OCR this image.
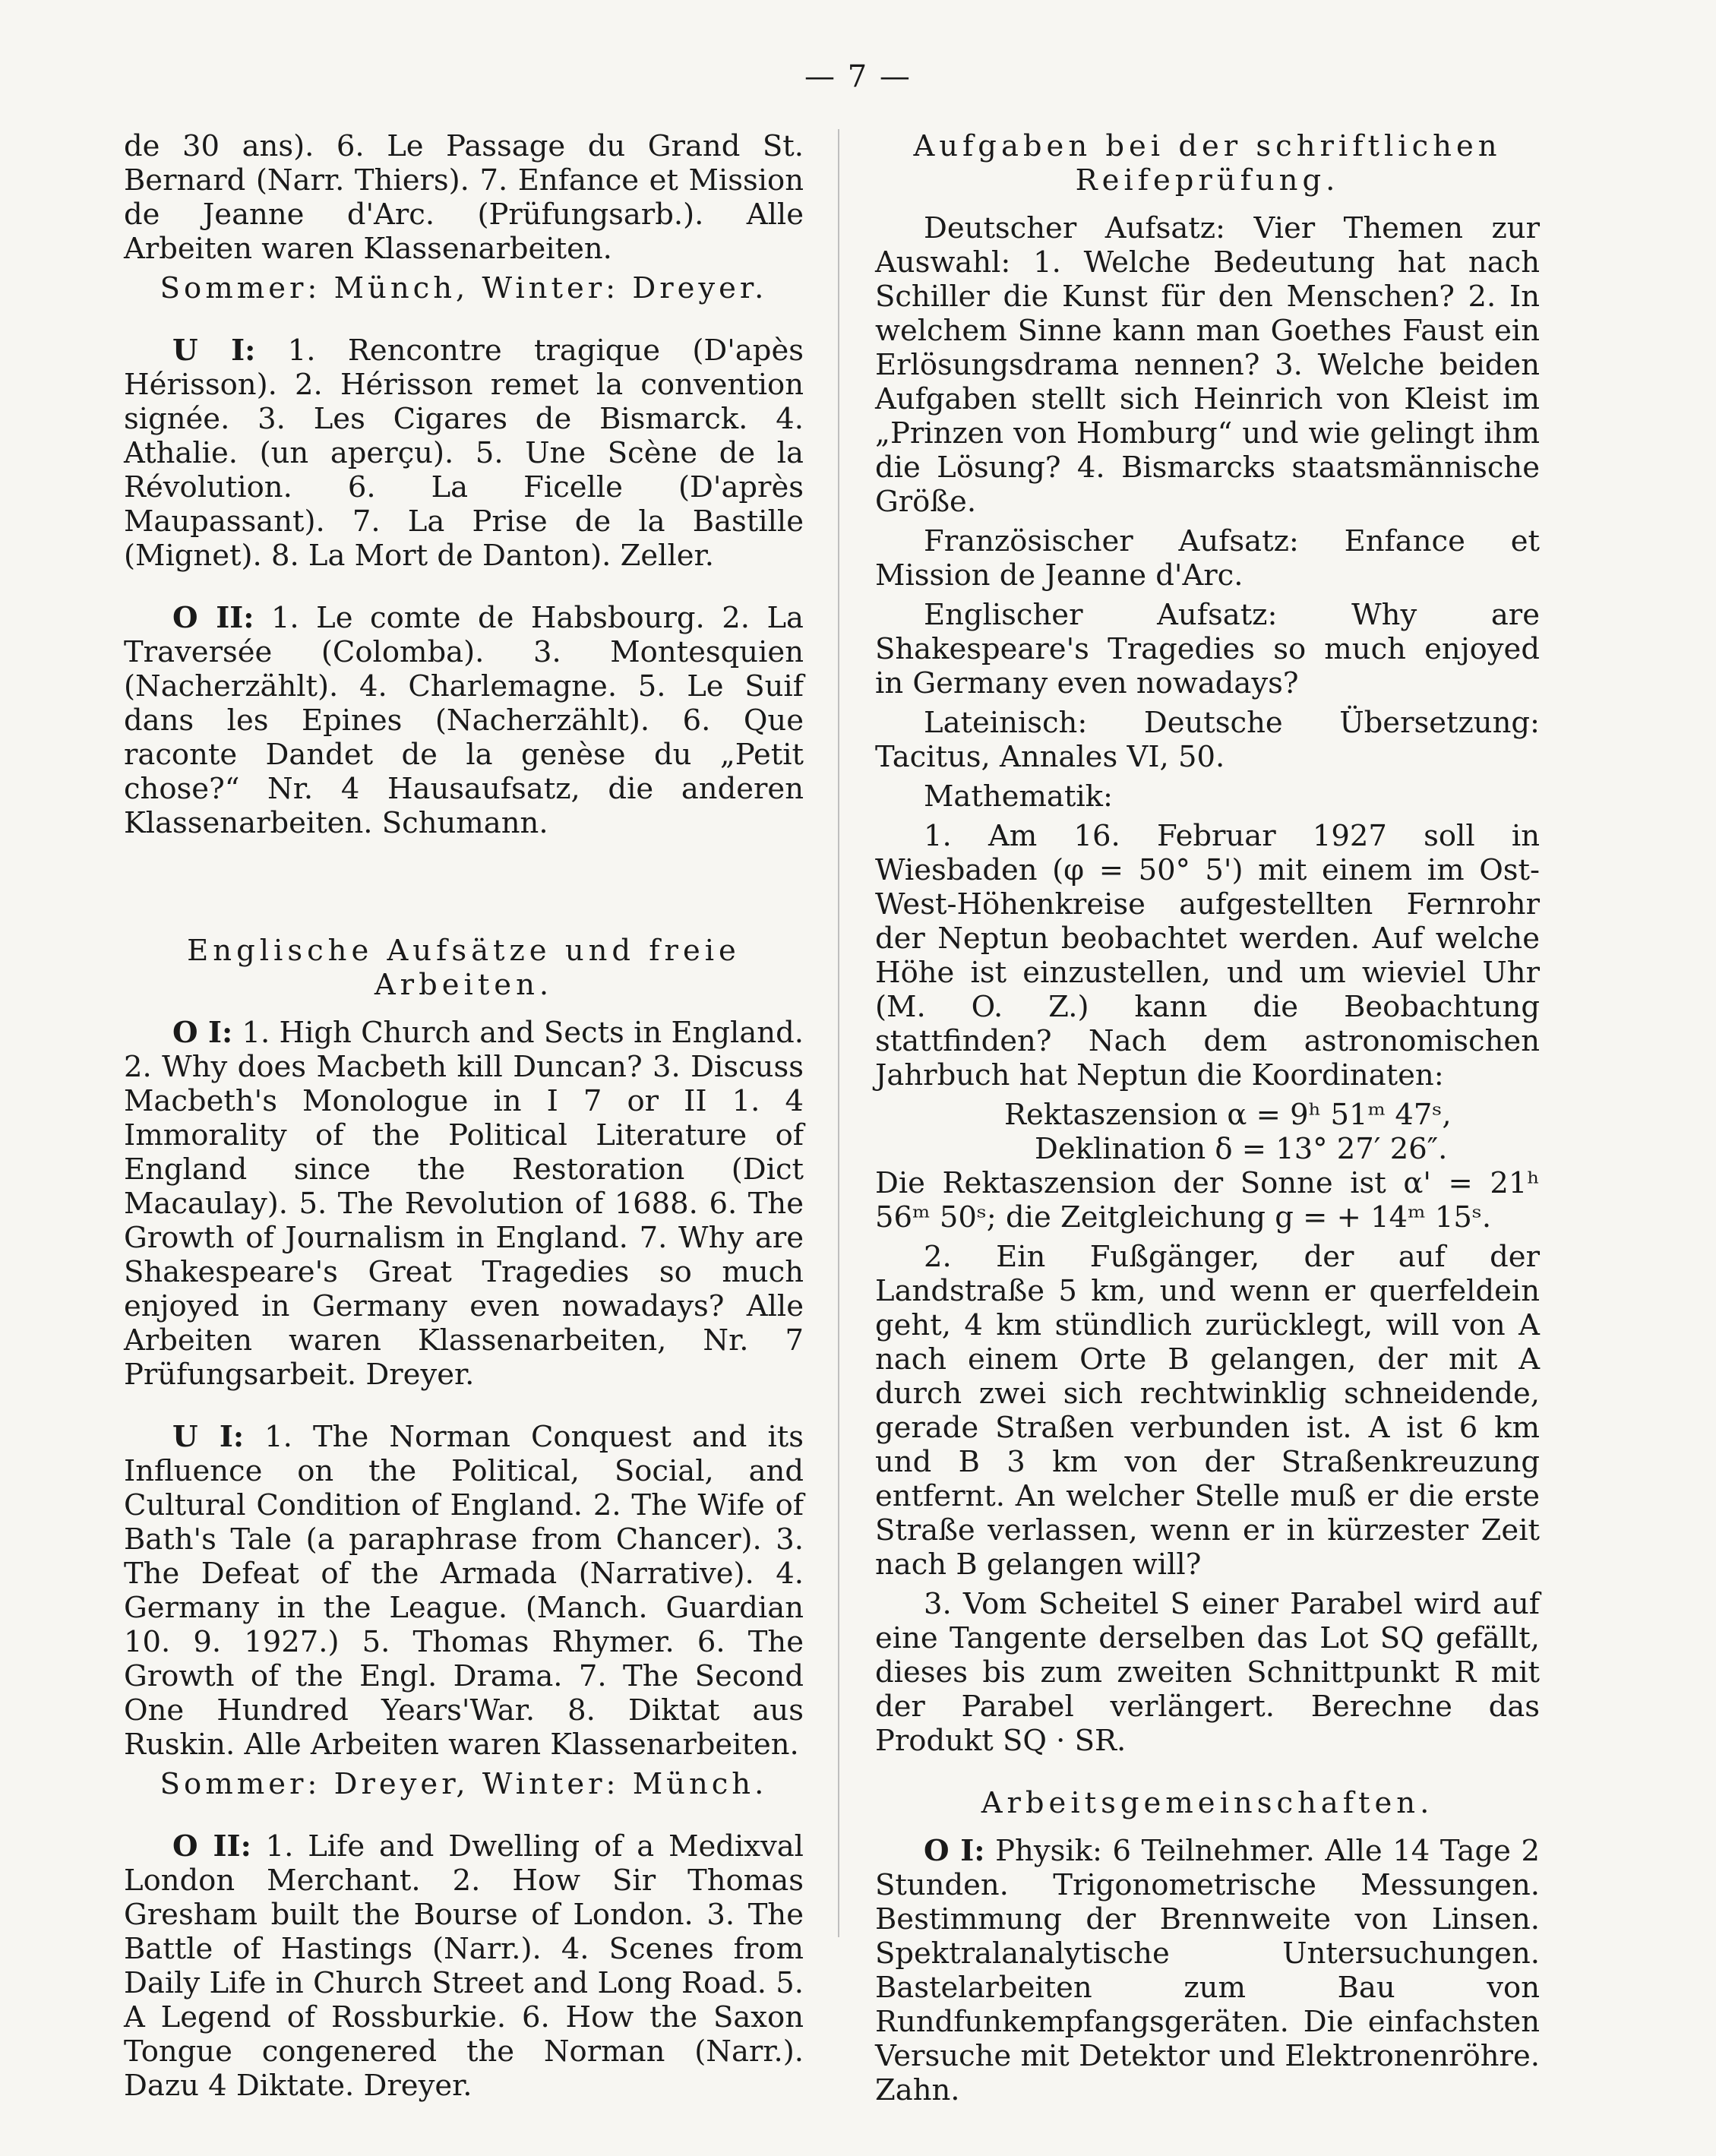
— 7 —

de 30 ans). 6. Le Passage du Grand St. Bernard (Narr. Thiers). 7. Enfance et Mission de Jeanne d'Arc. (Prüfungsarb.). Alle Arbeiten waren Klassenarbeiten.

Sommer: Münch, Winter: Dreyer.

U I: 1. Rencontre tragique (D'apès Hérisson). 2. Hérisson remet la convention signée. 3. Les Cigares de Bismarck. 4. Athalie. (un aperçu). 5. Une Scène de la Révolution. 6. La Ficelle (D'après Maupassant). 7. La Prise de la Bastille (Mignet). 8. La Mort de Danton). Zeller.

O II: 1. Le comte de Habsbourg. 2. La Traversée (Colomba). 3. Montesquien (Nacherzählt). 4. Charlemagne. 5. Le Suif dans les Epines (Nacherzählt). 6. Que raconte Dandet de la genèse du „Petit chose?“ Nr. 4 Hausaufsatz, die anderen Klassenarbeiten. Schumann.

Englische Aufsätze und freie Arbeiten.

O I: 1. High Church and Sects in England. 2. Why does Macbeth kill Duncan? 3. Discuss Macbeth's Monologue in I 7 or II 1. 4 Immorality of the Political Literature of England since the Restoration (Dict Macaulay). 5. The Revolution of 1688. 6. The Growth of Journalism in England. 7. Why are Shakespeare's Great Tragedies so much enjoyed in Germany even nowadays? Alle Arbeiten waren Klassenarbeiten, Nr. 7 Prüfungsarbeit. Dreyer.

U I: 1. The Norman Conquest and its Influence on the Political, Social, and Cultural Condition of England. 2. The Wife of Bath's Tale (a paraphrase from Chancer). 3. The Defeat of the Armada (Narrative). 4. Germany in the League. (Manch. Guardian 10. 9. 1927.) 5. Thomas Rhymer. 6. The Growth of the Engl. Drama. 7. The Second One Hundred Years'War. 8. Diktat aus Ruskin. Alle Arbeiten waren Klassenarbeiten.

Sommer: Dreyer, Winter: Münch.

O II: 1. Life and Dwelling of a Medixval London Merchant. 2. How Sir Thomas Gresham built the Bourse of London. 3. The Battle of Hastings (Narr.). 4. Scenes from Daily Life in Church Street and Long Road. 5. A Legend of Rossburkie. 6. How the Saxon Tongue congenered the Norman (Narr.). Dazu 4 Diktate. Dreyer.

Aufgaben bei der schriftlichen Reifeprüfung.

Deutscher Aufsatz: Vier Themen zur Auswahl: 1. Welche Bedeutung hat nach Schiller die Kunst für den Menschen? 2. In welchem Sinne kann man Goethes Faust ein Erlösungsdrama nennen? 3. Welche beiden Aufgaben stellt sich Heinrich von Kleist im „Prinzen von Homburg“ und wie gelingt ihm die Lösung? 4. Bismarcks staatsmännische Größe.

Französischer Aufsatz: Enfance et Mission de Jeanne d'Arc.

Englischer Aufsatz: Why are Shakespeare's Tragedies so much enjoyed in Germany even nowadays?

Lateinisch: Deutsche Übersetzung: Tacitus, Annales VI, 50.

Mathematik:

1. Am 16. Februar 1927 soll in Wiesbaden (φ = 50° 5') mit einem im Ost-West-Höhenkreise aufgestellten Fernrohr der Neptun beobachtet werden. Auf welche Höhe ist einzustellen, und um wieviel Uhr (M. O. Z.) kann die Beobachtung stattfinden? Nach dem astronomischen Jahrbuch hat Neptun die Koordinaten:

Rektaszension α = 9ʰ 51ᵐ 47ˢ,

Deklination δ = 13° 27′ 26″.

Die Rektaszension der Sonne ist α' = 21ʰ 56ᵐ 50ˢ; die Zeitgleichung g = + 14ᵐ 15ˢ.

2. Ein Fußgänger, der auf der Landstraße 5 km, und wenn er querfeldein geht, 4 km stündlich zurücklegt, will von A nach einem Orte B gelangen, der mit A durch zwei sich rechtwinklig schneidende, gerade Straßen verbunden ist. A ist 6 km und B 3 km von der Straßenkreuzung entfernt. An welcher Stelle muß er die erste Straße verlassen, wenn er in kürzester Zeit nach B gelangen will?

3. Vom Scheitel S einer Parabel wird auf eine Tangente derselben das Lot SQ gefällt, dieses bis zum zweiten Schnittpunkt R mit der Parabel verlängert. Berechne das Produkt SQ · SR.

Arbeitsgemeinschaften.

O I: Physik: 6 Teilnehmer. Alle 14 Tage 2 Stunden. Trigonometrische Messungen. Bestimmung der Brennweite von Linsen. Spektralanalytische Untersuchungen. Bastelarbeiten zum Bau von Rundfunkempfangsgeräten. Die einfachsten Versuche mit Detektor und Elektronenröhre. Zahn.
